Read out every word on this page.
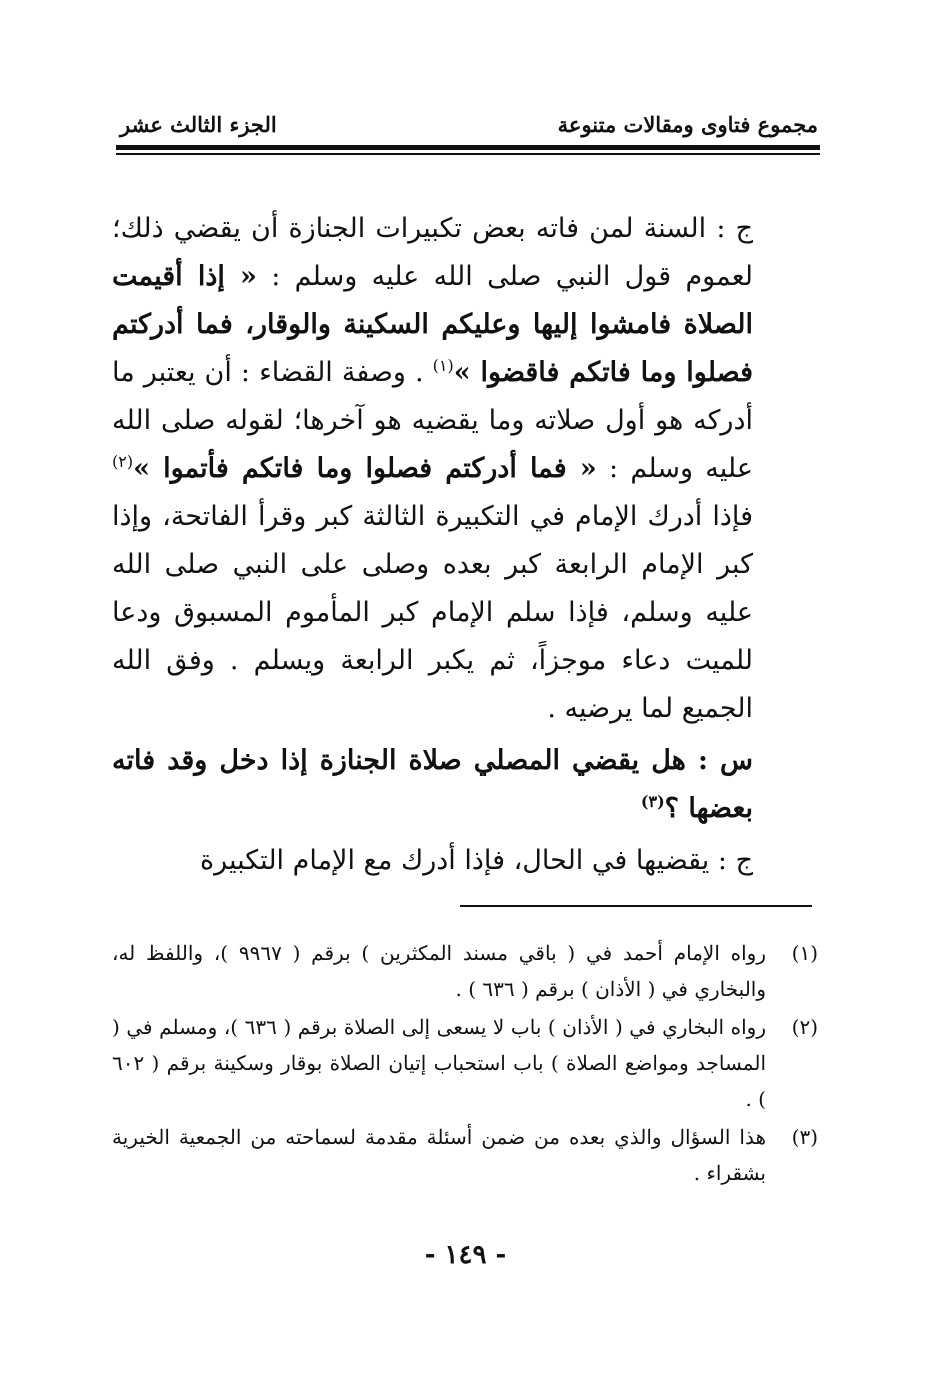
مجموع فتاوى ومقالات متنوعة
الجزء الثالث عشر

ج : السنة لمن فاته بعض تكبيرات الجنازة أن يقضي ذلك؛ لعموم قول النبي صلى الله عليه وسلم : « إذا أقيمت الصلاة فامشوا إليها وعليكم السكينة والوقار، فما أدركتم فصلوا وما فاتكم فاقضوا »$^{(١)}$ . وصفة القضاء : أن يعتبر ما أدركه هو أول صلاته وما يقضيه هو آخرها؛ لقوله صلى الله عليه وسلم : « فما أدركتم فصلوا وما فاتكم فأتموا »$^{(٢)}$ فإذا أدرك الإمام في التكبيرة الثالثة كبر وقرأ الفاتحة، وإذا كبر الإمام الرابعة كبر بعده وصلى على النبي صلى الله عليه وسلم، فإذا سلم الإمام كبر المأموم المسبوق ودعا للميت دعاء موجزاً، ثم يكبر الرابعة ويسلم . وفق الله الجميع لما يرضيه .

س : هل يقضي المصلي صلاة الجنازة إذا دخل وقد فاته بعضها ؟$^{(٣)}$

ج : يقضيها في الحال، فإذا أدرك مع الإمام التكبيرة

(١)
رواه الإمام أحمد في ( باقي مسند المكثرين ) برقم ( ٩٩٦٧ )، واللفظ له، والبخاري في ( الأذان ) برقم ( ٦٣٦ ) .
(٢)
رواه البخاري في ( الأذان ) باب لا يسعى إلى الصلاة برقم ( ٦٣٦ )، ومسلم في ( المساجد ومواضع الصلاة ) باب استحباب إتيان الصلاة بوقار وسكينة برقم ( ٦٠٢ ) .
(٣)
هذا السؤال والذي بعده من ضمن أسئلة مقدمة لسماحته من الجمعية الخيرية بشقراء .
- ١٤٩ -
